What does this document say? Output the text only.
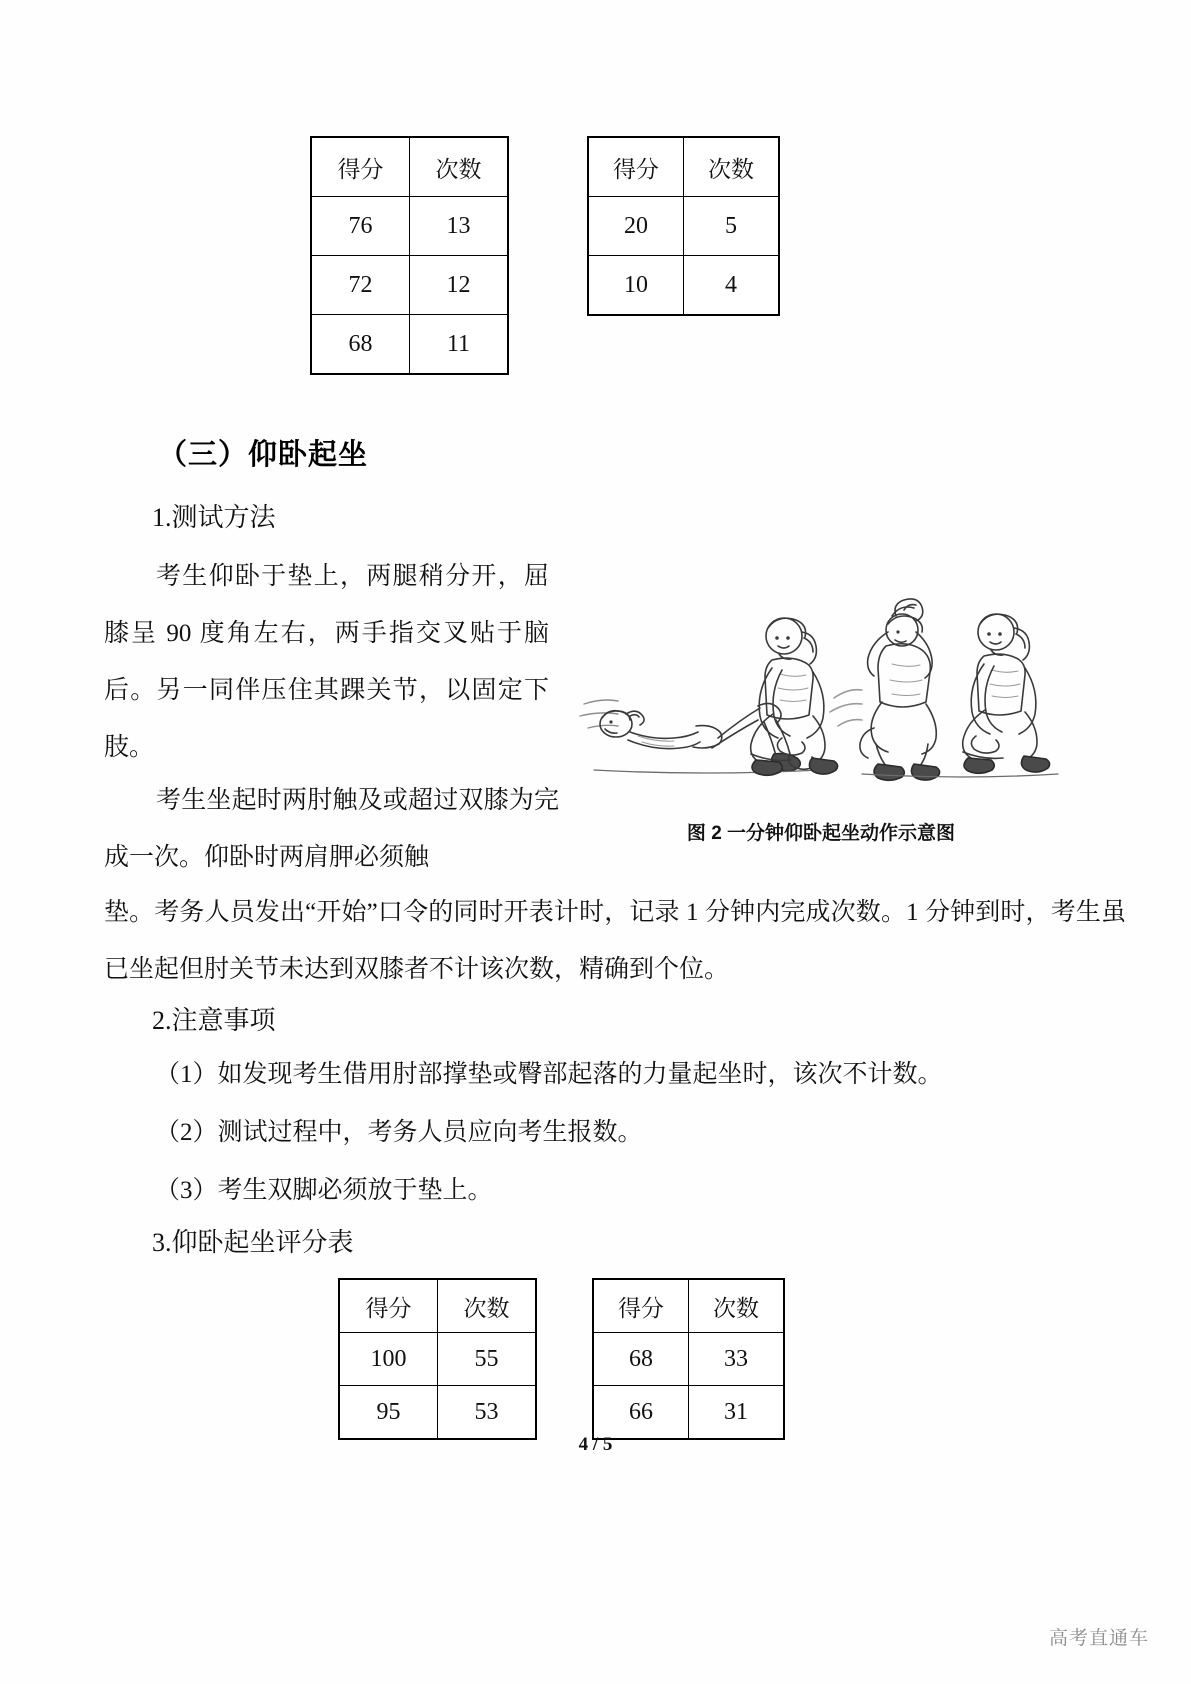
得分	次数
76	13
72	12
68	11
得分	次数
20	5
10	4
（三）仰卧起坐
1.测试方法
考生仰卧于垫上，两腿稍分开，屈膝呈 90 度角左右，两手指交叉贴于脑后。另一同伴压住其踝关节，以固定下肢。
考生坐起时两肘触及或超过双膝为完成一次。仰卧时两肩胛必须触
垫。考务人员发出“开始”口令的同时开表计时，记录 1 分钟内完成次数。1 分钟到时，考生虽已坐起但肘关节未达到双膝者不计该次数，精确到个位。
图 2 一分钟仰卧起坐动作示意图
2.注意事项
（1）如发现考生借用肘部撑垫或臀部起落的力量起坐时，该次不计数。
（2）测试过程中，考务人员应向考生报数。
（3）考生双脚必须放于垫上。
3.仰卧起坐评分表
得分	次数
100	55
95	53
得分	次数
68	33
66	31
4 / 5
高考直通车
